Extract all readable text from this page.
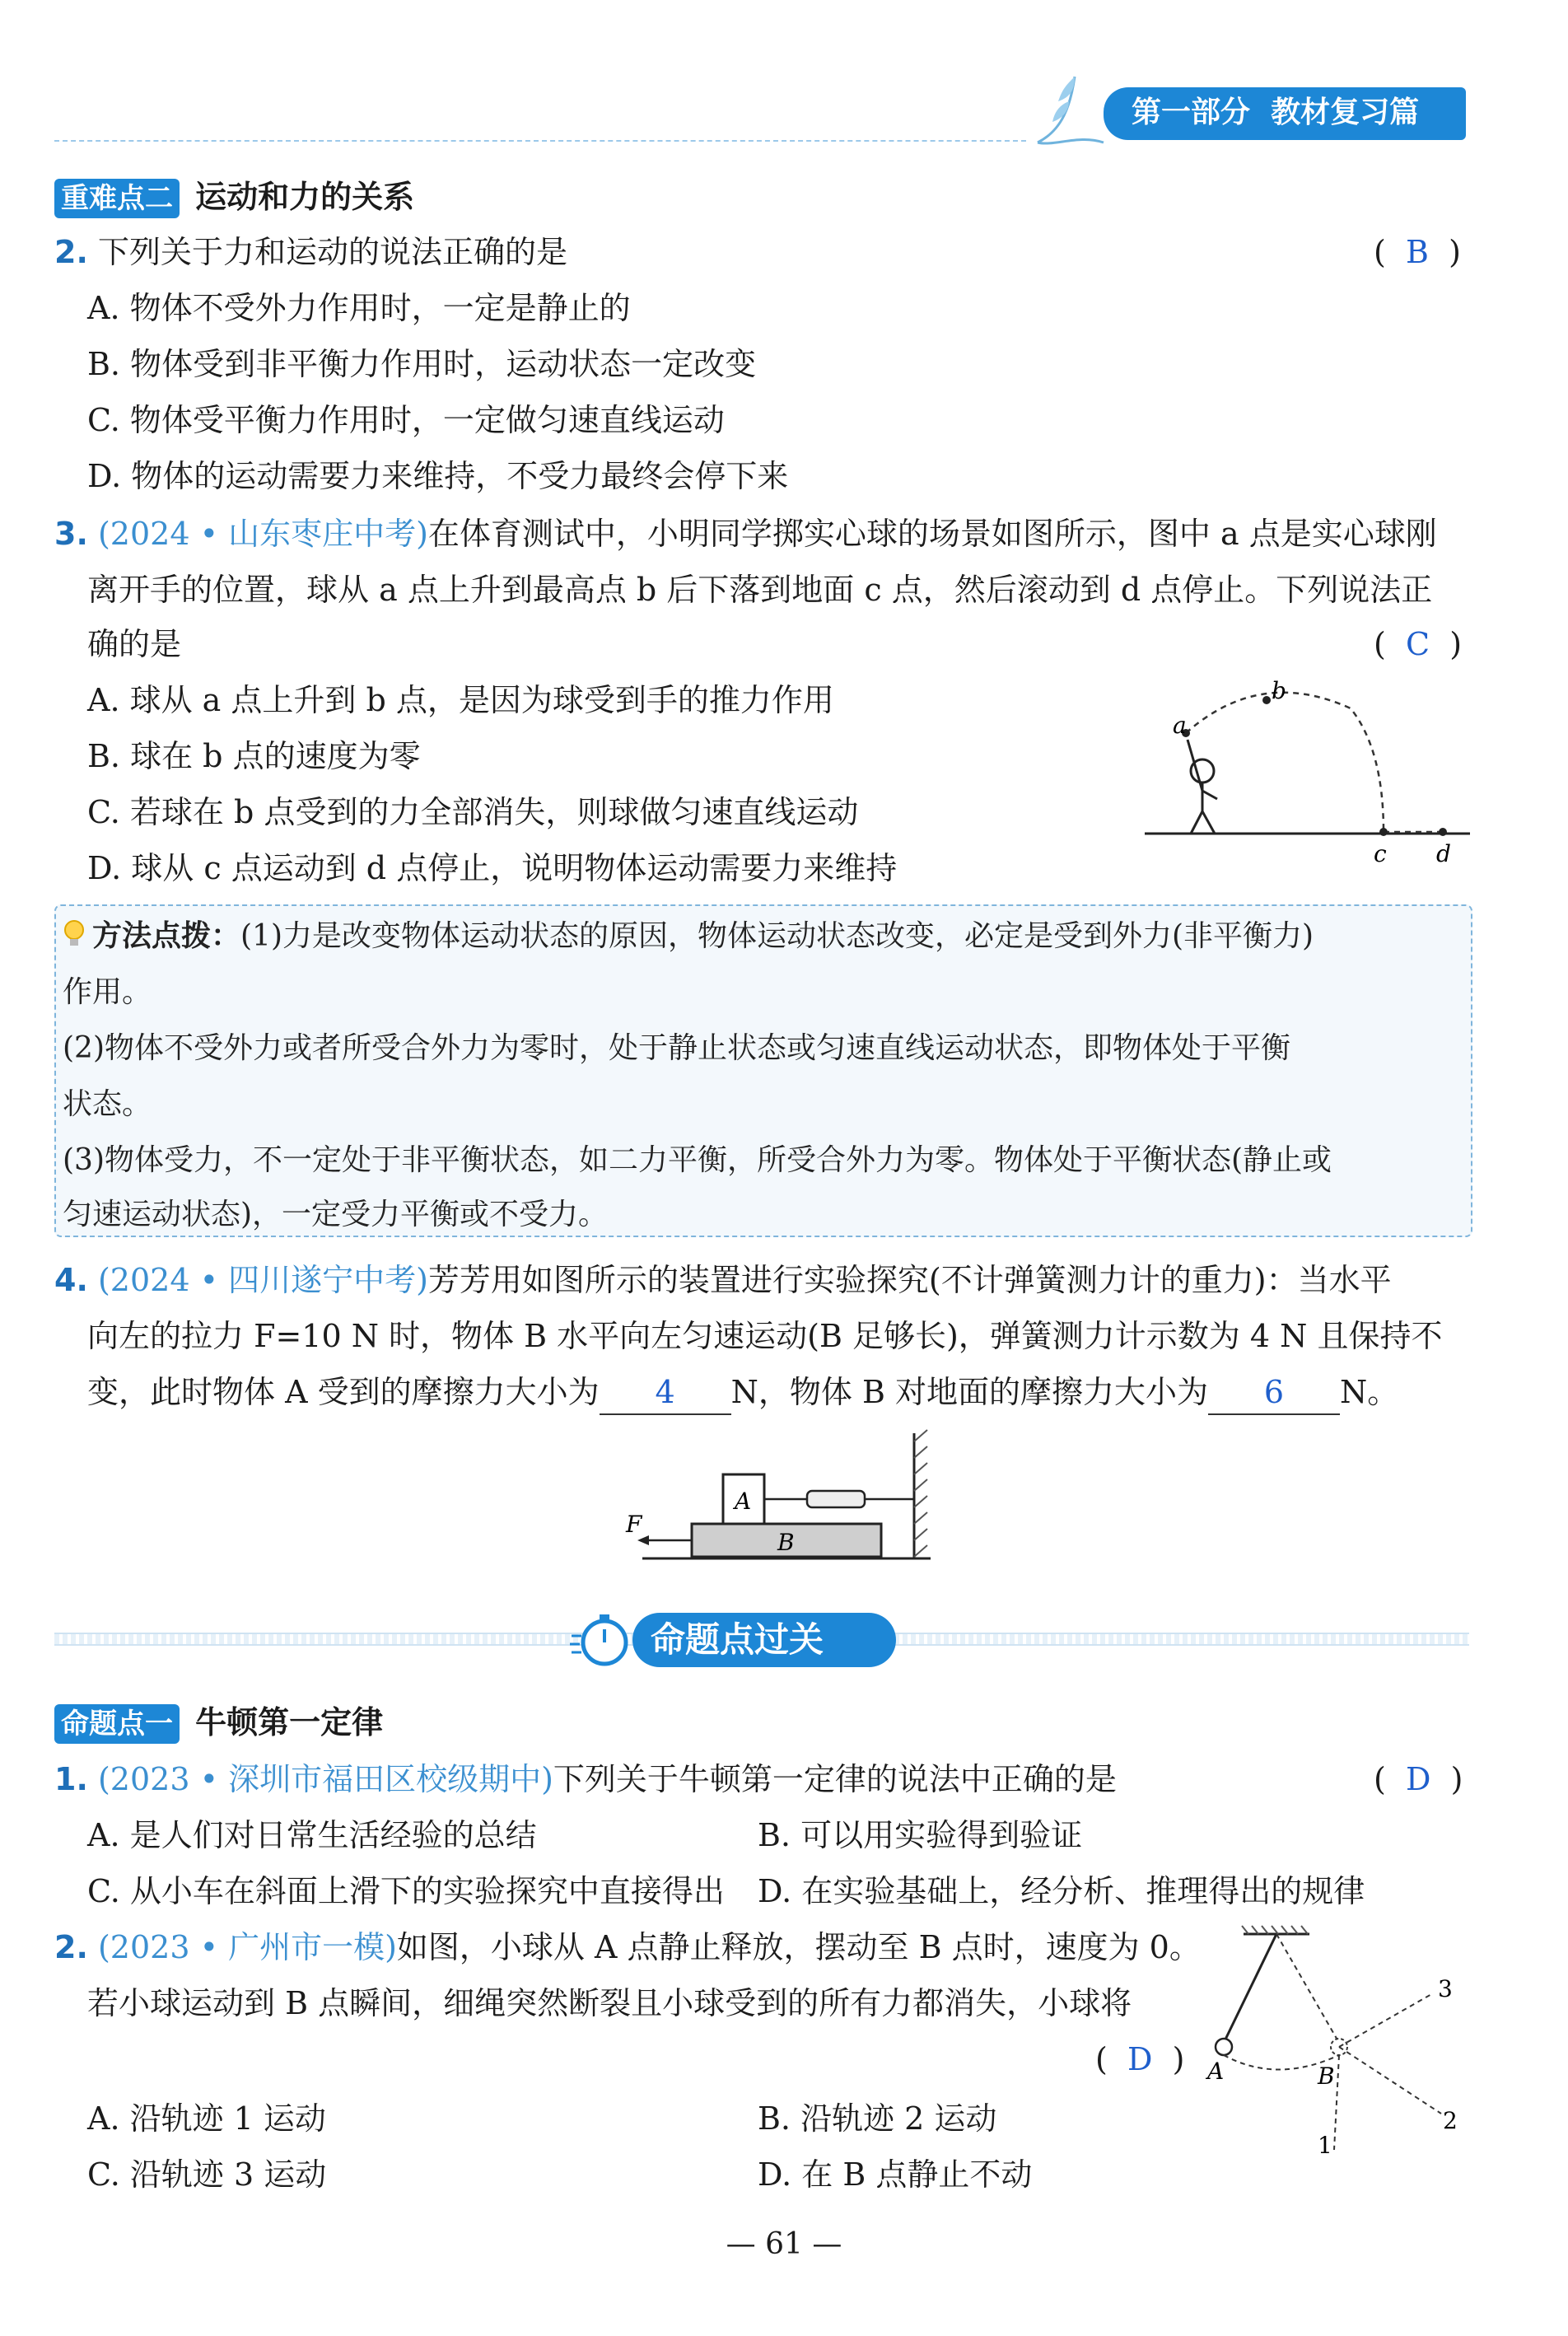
第一部分  教材复习篇
重难点二 运动和力的关系
2. 下列关于力和运动的说法正确的是	(  B  )
A. 物体不受外力作用时，一定是静止的
B. 物体受到非平衡力作用时，运动状态一定改变
C. 物体受平衡力作用时，一定做匀速直线运动
D. 物体的运动需要力来维持，不受力最终会停下来
3. (2024 • 山东枣庄中考)在体育测试中，小明同学掷实心球的场景如图所示，图中 a 点是实心球刚
离开手的位置，球从 a 点上升到最高点 b 后下落到地面 c 点，然后滚动到 d 点停止。下列说法正
确的是	(  C  )
A. 球从 a 点上升到 b 点，是因为球受到手的推力作用
B. 球在 b 点的速度为零
C. 若球在 b 点受到的力全部消失，则球做匀速直线运动
D. 球从 c 点运动到 d 点停止，说明物体运动需要力来维持
a
b
c d
方法点拨：(1)力是改变物体运动状态的原因，物体运动状态改变，必定是受到外力(非平衡力)
作用。
(2)物体不受外力或者所受合外力为零时，处于静止状态或匀速直线运动状态，即物体处于平衡
状态。
(3)物体受力，不一定处于非平衡状态，如二力平衡，所受合外力为零。物体处于平衡状态(静止或
匀速运动状态)，一定受力平衡或不受力。
4. (2024 • 四川遂宁中考)芳芳用如图所示的装置进行实验探究(不计弹簧测力计的重力)：当水平
向左的拉力 F=10 N 时，物体 B 水平向左匀速运动(B 足够长)，弹簧测力计示数为 4 N 且保持不
变，此时物体 A 受到的摩擦力大小为 4 N，物体 B 对地面的摩擦力大小为 6 N。
A
B
F
命题点过关
命题点一 牛顿第一定律
1. (2023 • 深圳市福田区校级期中)下列关于牛顿第一定律的说法中正确的是	(  D  )
A. 是人们对日常生活经验的总结	B. 可以用实验得到验证
C. 从小车在斜面上滑下的实验探究中直接得出 D. 在实验基础上，经分析、推理得出的规律
2. (2023 • 广州市一模)如图，小球从 A 点静止释放，摆动至 B 点时，速度为 0。
若小球运动到 B 点瞬间，细绳突然断裂且小球受到的所有力都消失，小球将
(  D  )
A. 沿轨迹 1 运动	B. 沿轨迹 2 运动
C. 沿轨迹 3 运动	D. 在 B 点静止不动
A	B
1
2
3
— 61 —
